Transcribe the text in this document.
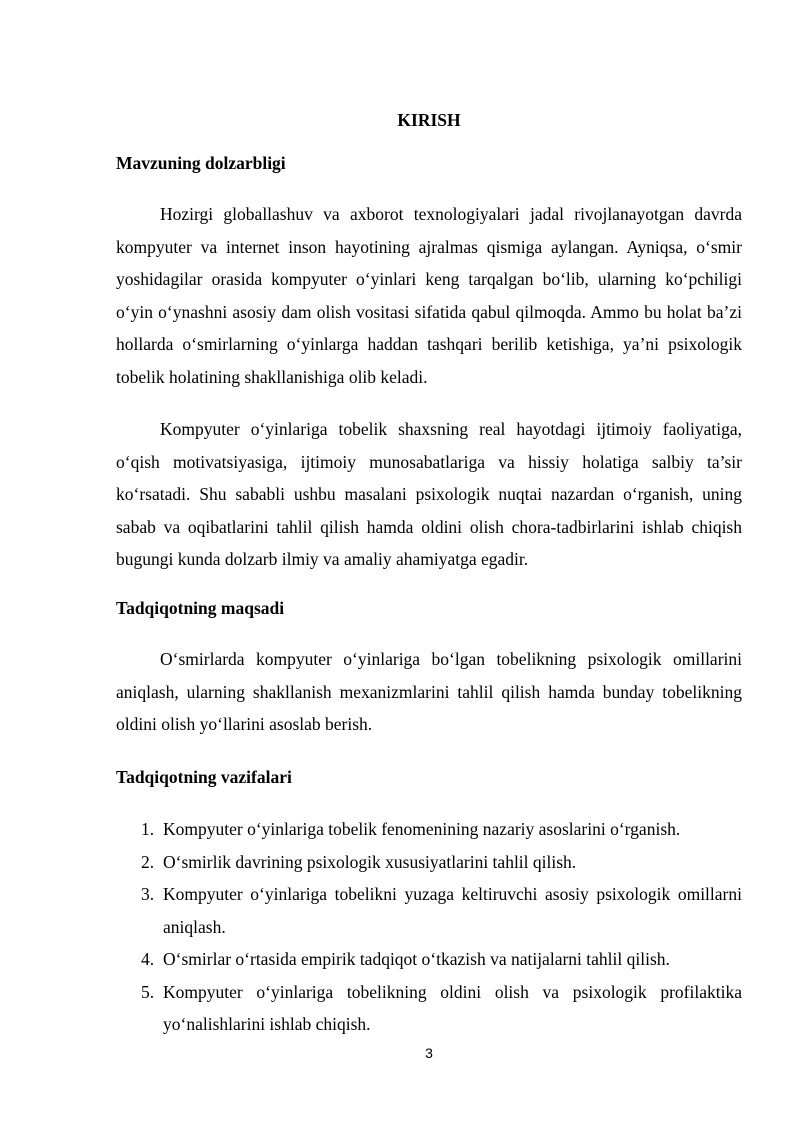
KIRISH
Mavzuning dolzarbligi

Hozirgi globallashuv va axborot texnologiyalari jadal rivojlanayotgan davrda kompyuter va internet inson hayotining ajralmas qismiga aylangan. Ayniqsa, o‘smir yoshidagilar orasida kompyuter o‘yinlari keng tarqalgan bo‘lib, ularning ko‘pchiligi o‘yin o‘ynashni asosiy dam olish vositasi sifatida qabul qilmoqda. Ammo bu holat ba’zi hollarda o‘smirlarning o‘yinlarga haddan tashqari berilib ketishiga, ya’ni psixologik tobelik holatining shakllanishiga olib keladi.

Kompyuter o‘yinlariga tobelik shaxsning real hayotdagi ijtimoiy faoliyatiga, o‘qish motivatsiyasiga, ijtimoiy munosabatlariga va hissiy holatiga salbiy ta’sir ko‘rsatadi. Shu sababli ushbu masalani psixologik nuqtai nazardan o‘rganish, uning sabab va oqibatlarini tahlil qilish hamda oldini olish chora-tadbirlarini ishlab chiqish bugungi kunda dolzarb ilmiy va amaliy ahamiyatga egadir.

Tadqiqotning maqsadi

O‘smirlarda kompyuter o‘yinlariga bo‘lgan tobelikning psixologik omillarini aniqlash, ularning shakllanish mexanizmlarini tahlil qilish hamda bunday tobelikning oldini olish yo‘llarini asoslab berish.

Tadqiqotning vazifalari
1. Kompyuter o‘yinlariga tobelik fenomenining nazariy asoslarini o‘rganish.
2. O‘smirlik davrining psixologik xususiyatlarini tahlil qilish.
3. Kompyuter o‘yinlariga tobelikni yuzaga keltiruvchi asosiy psixologik omillarni aniqlash.
4. O‘smirlar o‘rtasida empirik tadqiqot o‘tkazish va natijalarni tahlil qilish.
5. Kompyuter o‘yinlariga tobelikning oldini olish va psixologik profilaktika yo‘nalishlarini ishlab chiqish.
3
